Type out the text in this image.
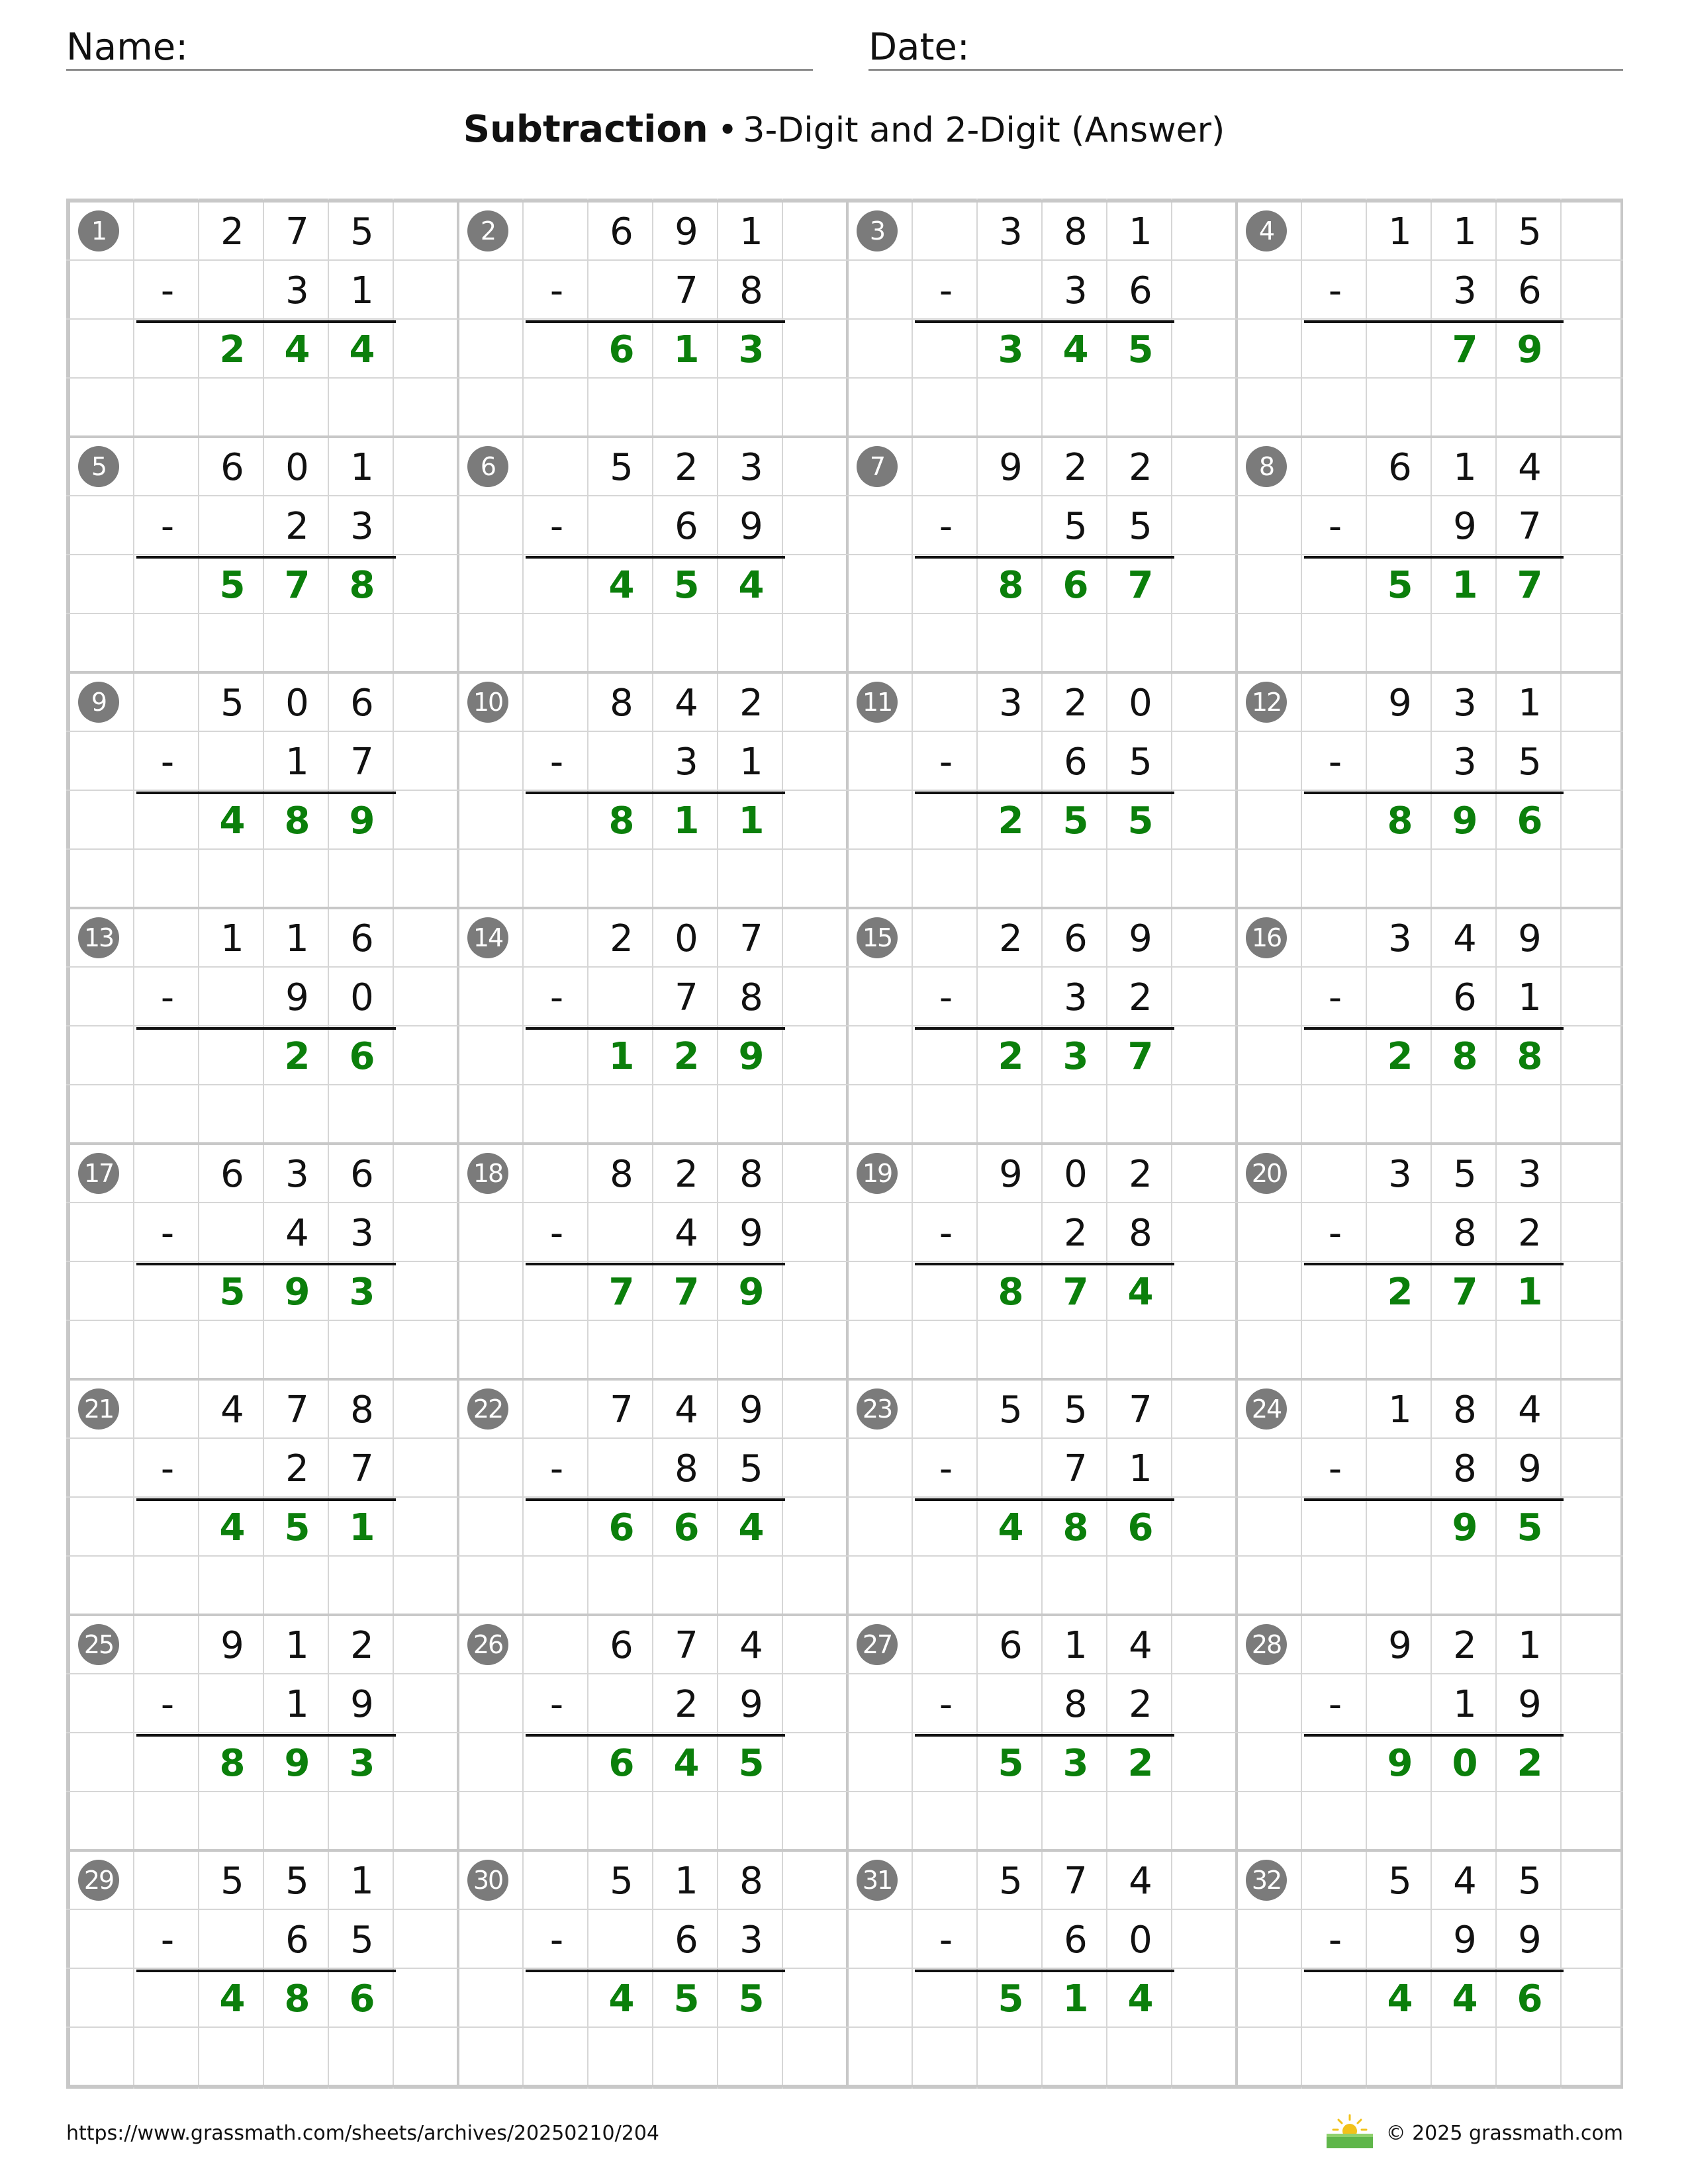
Name:	Date:
Subtraction • 3-Digit and 2-Digit (Answer)
1	2	7	5
-	3	1
2	4	4
2	6	9	1
-	7	8
6	1	3
3	3	8	1
-	3	6
3	4	5
4	1	1	5
-	3	6
7	9
5	6	0	1
-	2	3
5	7	8
6	5	2	3
-	6	9
4	5	4
7	9	2	2
-	5	5
8	6	7
8	6	1	4
-	9	7
5	1	7
9	5	0	6
-	1	7
4	8	9
10	8	4	2
-	3	1
8	1	1
11	3	2	0
-	6	5
2	5	5
12	9	3	1
-	3	5
8	9	6
13	1	1	6
-	9	0
2	6
14	2	0	7
-	7	8
1	2	9
15	2	6	9
-	3	2
2	3	7
16	3	4	9
-	6	1
2	8	8
17	6	3	6
-	4	3
5	9	3
18	8	2	8
-	4	9
7	7	9
19	9	0	2
-	2	8
8	7	4
20	3	5	3
-	8	2
2	7	1
21	4	7	8
-	2	7
4	5	1
22	7	4	9
-	8	5
6	6	4
23	5	5	7
-	7	1
4	8	6
24	1	8	4
-	8	9
9	5
25	9	1	2
-	1	9
8	9	3
26	6	7	4
-	2	9
6	4	5
27	6	1	4
-	8	2
5	3	2
28	9	2	1
-	1	9
9	0	2
29	5	5	1
-	6	5
4	8	6
30	5	1	8
-	6	3
4	5	5
31	5	7	4
-	6	0
5	1	4
32	5	4	5
-	9	9
4	4	6
https://www.grassmath.com/sheets/archives/20250210/204	© 2025 grassmath.com
